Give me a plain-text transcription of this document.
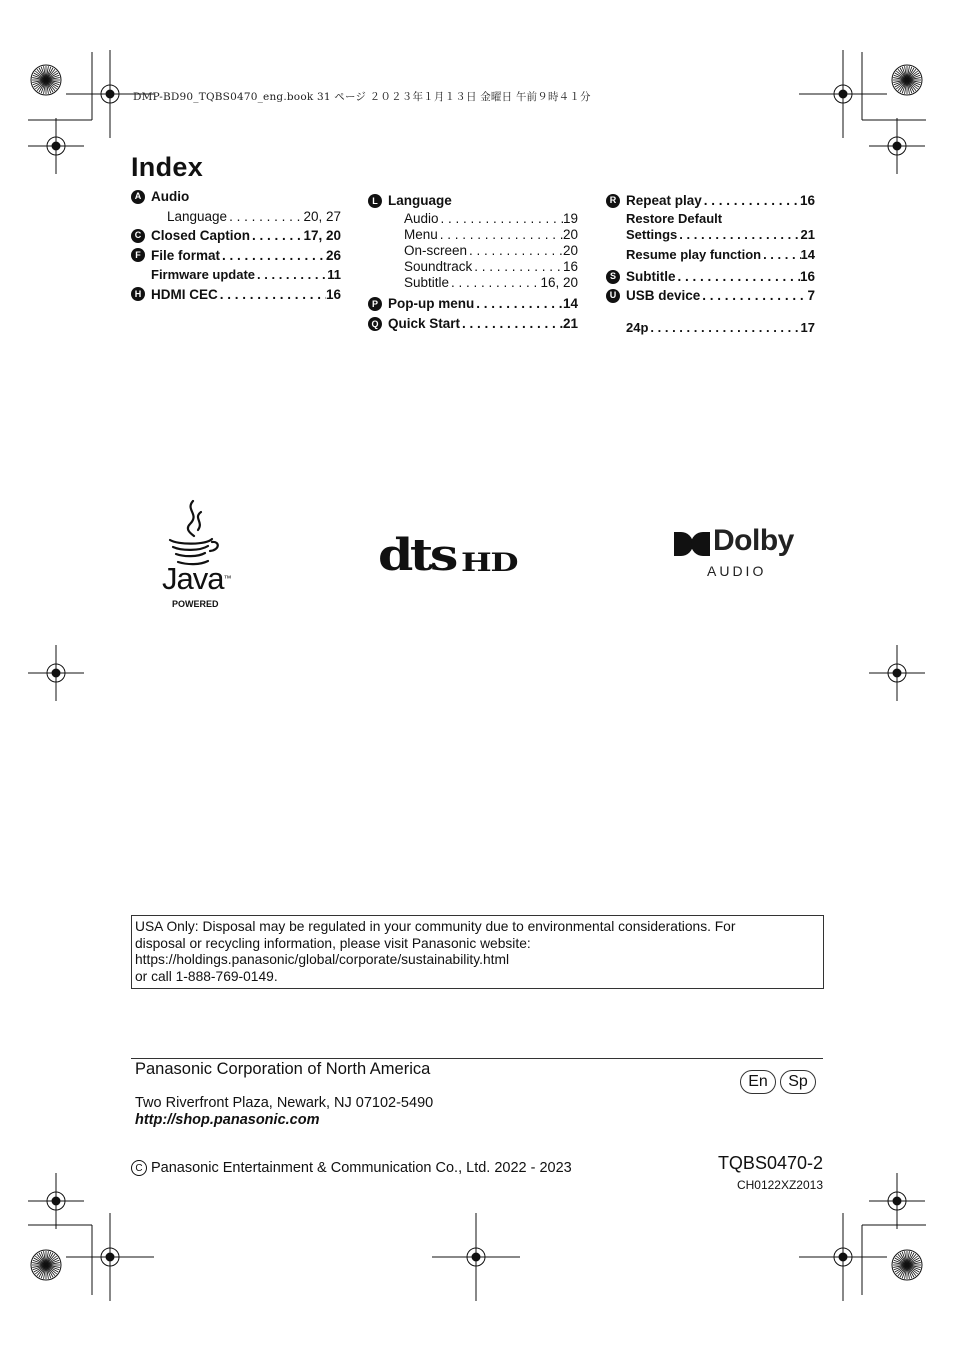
DMP-BD90_TQBS0470_eng.book 31 ページ ２０２３年１月１３日 金曜日 午前９時４１分
Index
A Audio
Language . . .	20, 27
C Closed Caption . . .	17, 20
F File format . . .	26
Firmware update . . .	11
H HDMI CEC . . .	16
L Language
Audio . . .	19
Menu . . .	20
On-screen . . .	20
Soundtrack . . .	16
Subtitle . . .	16, 20
P Pop-up menu . . .	14
Q Quick Start . . .	21
R Repeat play . . .	16
Restore Default
Settings . . .	21
Resume play function . . .	14
S Subtitle . . .	16
U USB device . . .	7
24p . . .	17
Java™
POWERED
dts HD
Dolby
AUDIO
USA Only: Disposal may be regulated in your community due to environmental considerations. For
disposal or recycling information, please visit Panasonic website:
https://holdings.panasonic/global/corporate/sustainability.html
or call 1-888-769-0149.
Panasonic Corporation of North America
En	Sp
Two Riverfront Plaza, Newark, NJ 07102-5490
http://shop.panasonic.com
C Panasonic Entertainment & Communication Co., Ltd. 2022 - 2023	TQBS0470-2
CH0122XZ2013
